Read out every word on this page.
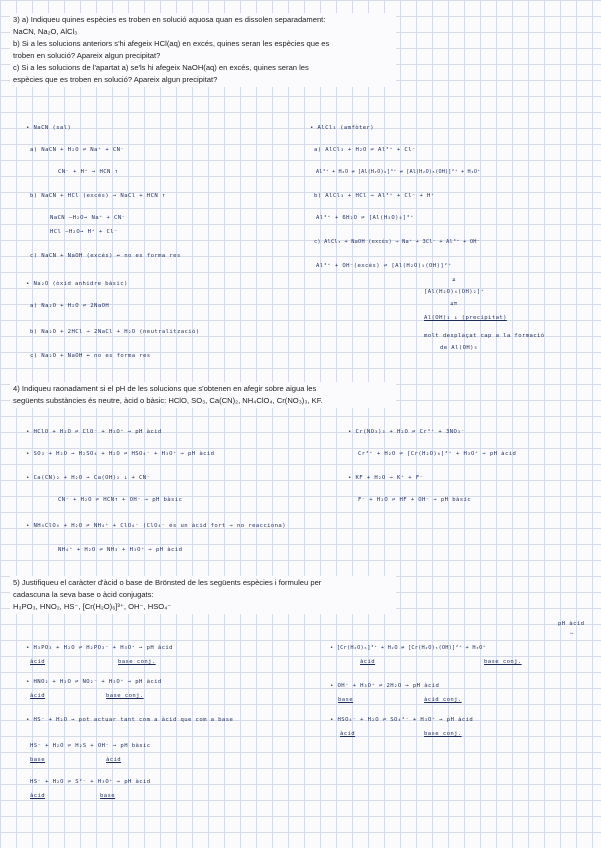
3) a) Indiqueu quines espècies es troben en solució aquosa quan es dissolen separadament:
NaCN, Na₂O, AlCl₃
b) Si a les solucions anteriors s'hi afegeix HCl(aq) en excés, quines seran les espècies que es
troben en solució? Apareix algun precipitat?
c) Si a les solucions de l'apartat a) se'ls hi afegeix NaOH(aq) en excés, quines seran les
espècies que es troben en solució? Apareix algun precipitat?
• NaCN (sal)
a) NaCN + H₂O ⇌ Na⁺ + CN⁻
CN⁻ + H⁺ → HCN ↑
b) NaCN + HCl (excés) → NaCl + HCN ↑
NaCN —H₂O→ Na⁺ + CN⁻
HCl —H₂O→ H⁺ + Cl⁻
c) NaCN + NaOH (excés) ↛ no es forma res
• Na₂O (òxid anhidre bàsic)
a) Na₂O + H₂O ⇌ 2NaOH
b) Na₂O + 2HCl → 2NaCl + H₂O (neutralització)
c) Na₂O + NaOH ↛ no es forma res
• AlCl₃ (amfòter)
a) AlCl₃ + H₂O ⇌ Al³⁺ + Cl⁻
Al³⁺ + H₂O ⇌ [Al(H₂O)₆]³⁺ ⇌ [Al(H₂O)₅(OH)]²⁺ + H₃O⁺
b) AlCl₃ + HCl → Al³⁺ + Cl⁻ + H⁺
Al³⁺ + 6H₂O ⇌ [Al(H₂O)₆]³⁺
c) AlCl₃ + NaOH (excés) → Na⁺ + 3Cl⁻ + Al³⁺ + OH⁻
Al³⁺ + OH⁻(excés) ⇌ [Al(H₂O)₅(OH)]²⁺
⇊
[Al(H₂O)₄(OH)₂]⁺
⇊⇈
Al(OH)₃ ↓ (precipitat)
molt desplaçat cap a la formació
de Al(OH)₃
4) Indiqueu raonadament si el pH de les solucions que s'obtenen en afegir sobre aigua les
següents substàncies és neutre, àcid o bàsic: HClO, SO₃, Ca(CN)₂, NH₄ClO₄, Cr(NO₃)₃, KF.
• HClO + H₂O ⇌ ClO⁻ + H₃O⁺ ⇝ pH àcid
• SO₃ + H₂O → H₂SO₄ + H₂O ⇌ HSO₄⁻ + H₃O⁺ ⇝ pH àcid
• Ca(CN)₂ + H₂O → Ca(OH)₂ ↓ + CN⁻
CN⁻ + H₂O ⇌ HCN↑ + OH⁻ ⇝ pH bàsic
• NH₄ClO₄ + H₂O ⇌ NH₄⁺ + ClO₄⁻ (ClO₄⁻ és un àcid fort → no reacciona)
NH₄⁺ + H₂O ⇌ NH₃ + H₃O⁺ ⇝ pH àcid
• Cr(NO₃)₃ + H₂O ⇌ Cr³⁺ + 3NO₃⁻
Cr³⁺ + H₂O ⇌ [Cr(H₂O)₆]³⁺ + H₃O⁺ ⇝ pH àcid
• KF + H₂O → K⁺ + F⁻
F⁻ + H₂O ⇌ HF + OH⁻ ⇝ pH bàsic
5) Justifiqueu el caràcter d'àcid o base de Brönsted de les següents espècies i formuleu per
cadascuna la seva base o àcid conjugats:
H₃PO₃, HNO₂, HS⁻, [Cr(H₂O)₆]³⁺, OH⁻, HSO₄⁻
• H₃PO₃ + H₂O ⇌ H₂PO₃⁻ + H₃O⁺ ⇝ pH àcid
àcid	base conj.
• HNO₂ + H₂O ⇌ NO₂⁻ + H₃O⁺ ⇝ pH àcid
àcid	base conj.
• HS⁻ + H₂O ⇝ pot actuar tant com a àcid que com a base
HS⁻ + H₂O ⇌ H₂S + OH⁻ ⇝ pH bàsic
base	àcid
HS⁻ + H₂O ⇌ S²⁻ + H₃O⁺ ⇝ pH àcid
àcid	base
pH àcid
∼
• [Cr(H₂O)₆]³⁺ + H₂O ⇌ [Cr(H₂O)₅(OH)]²⁺ + H₃O⁺
àcid	base conj.
• OH⁻ + H₃O⁺ ⇌ 2H₂O ⇝ pH àcid
base	àcid conj.
• HSO₄⁻ + H₂O ⇌ SO₄²⁻ + H₃O⁺ ⇝ pH àcid
àcid	base conj.
